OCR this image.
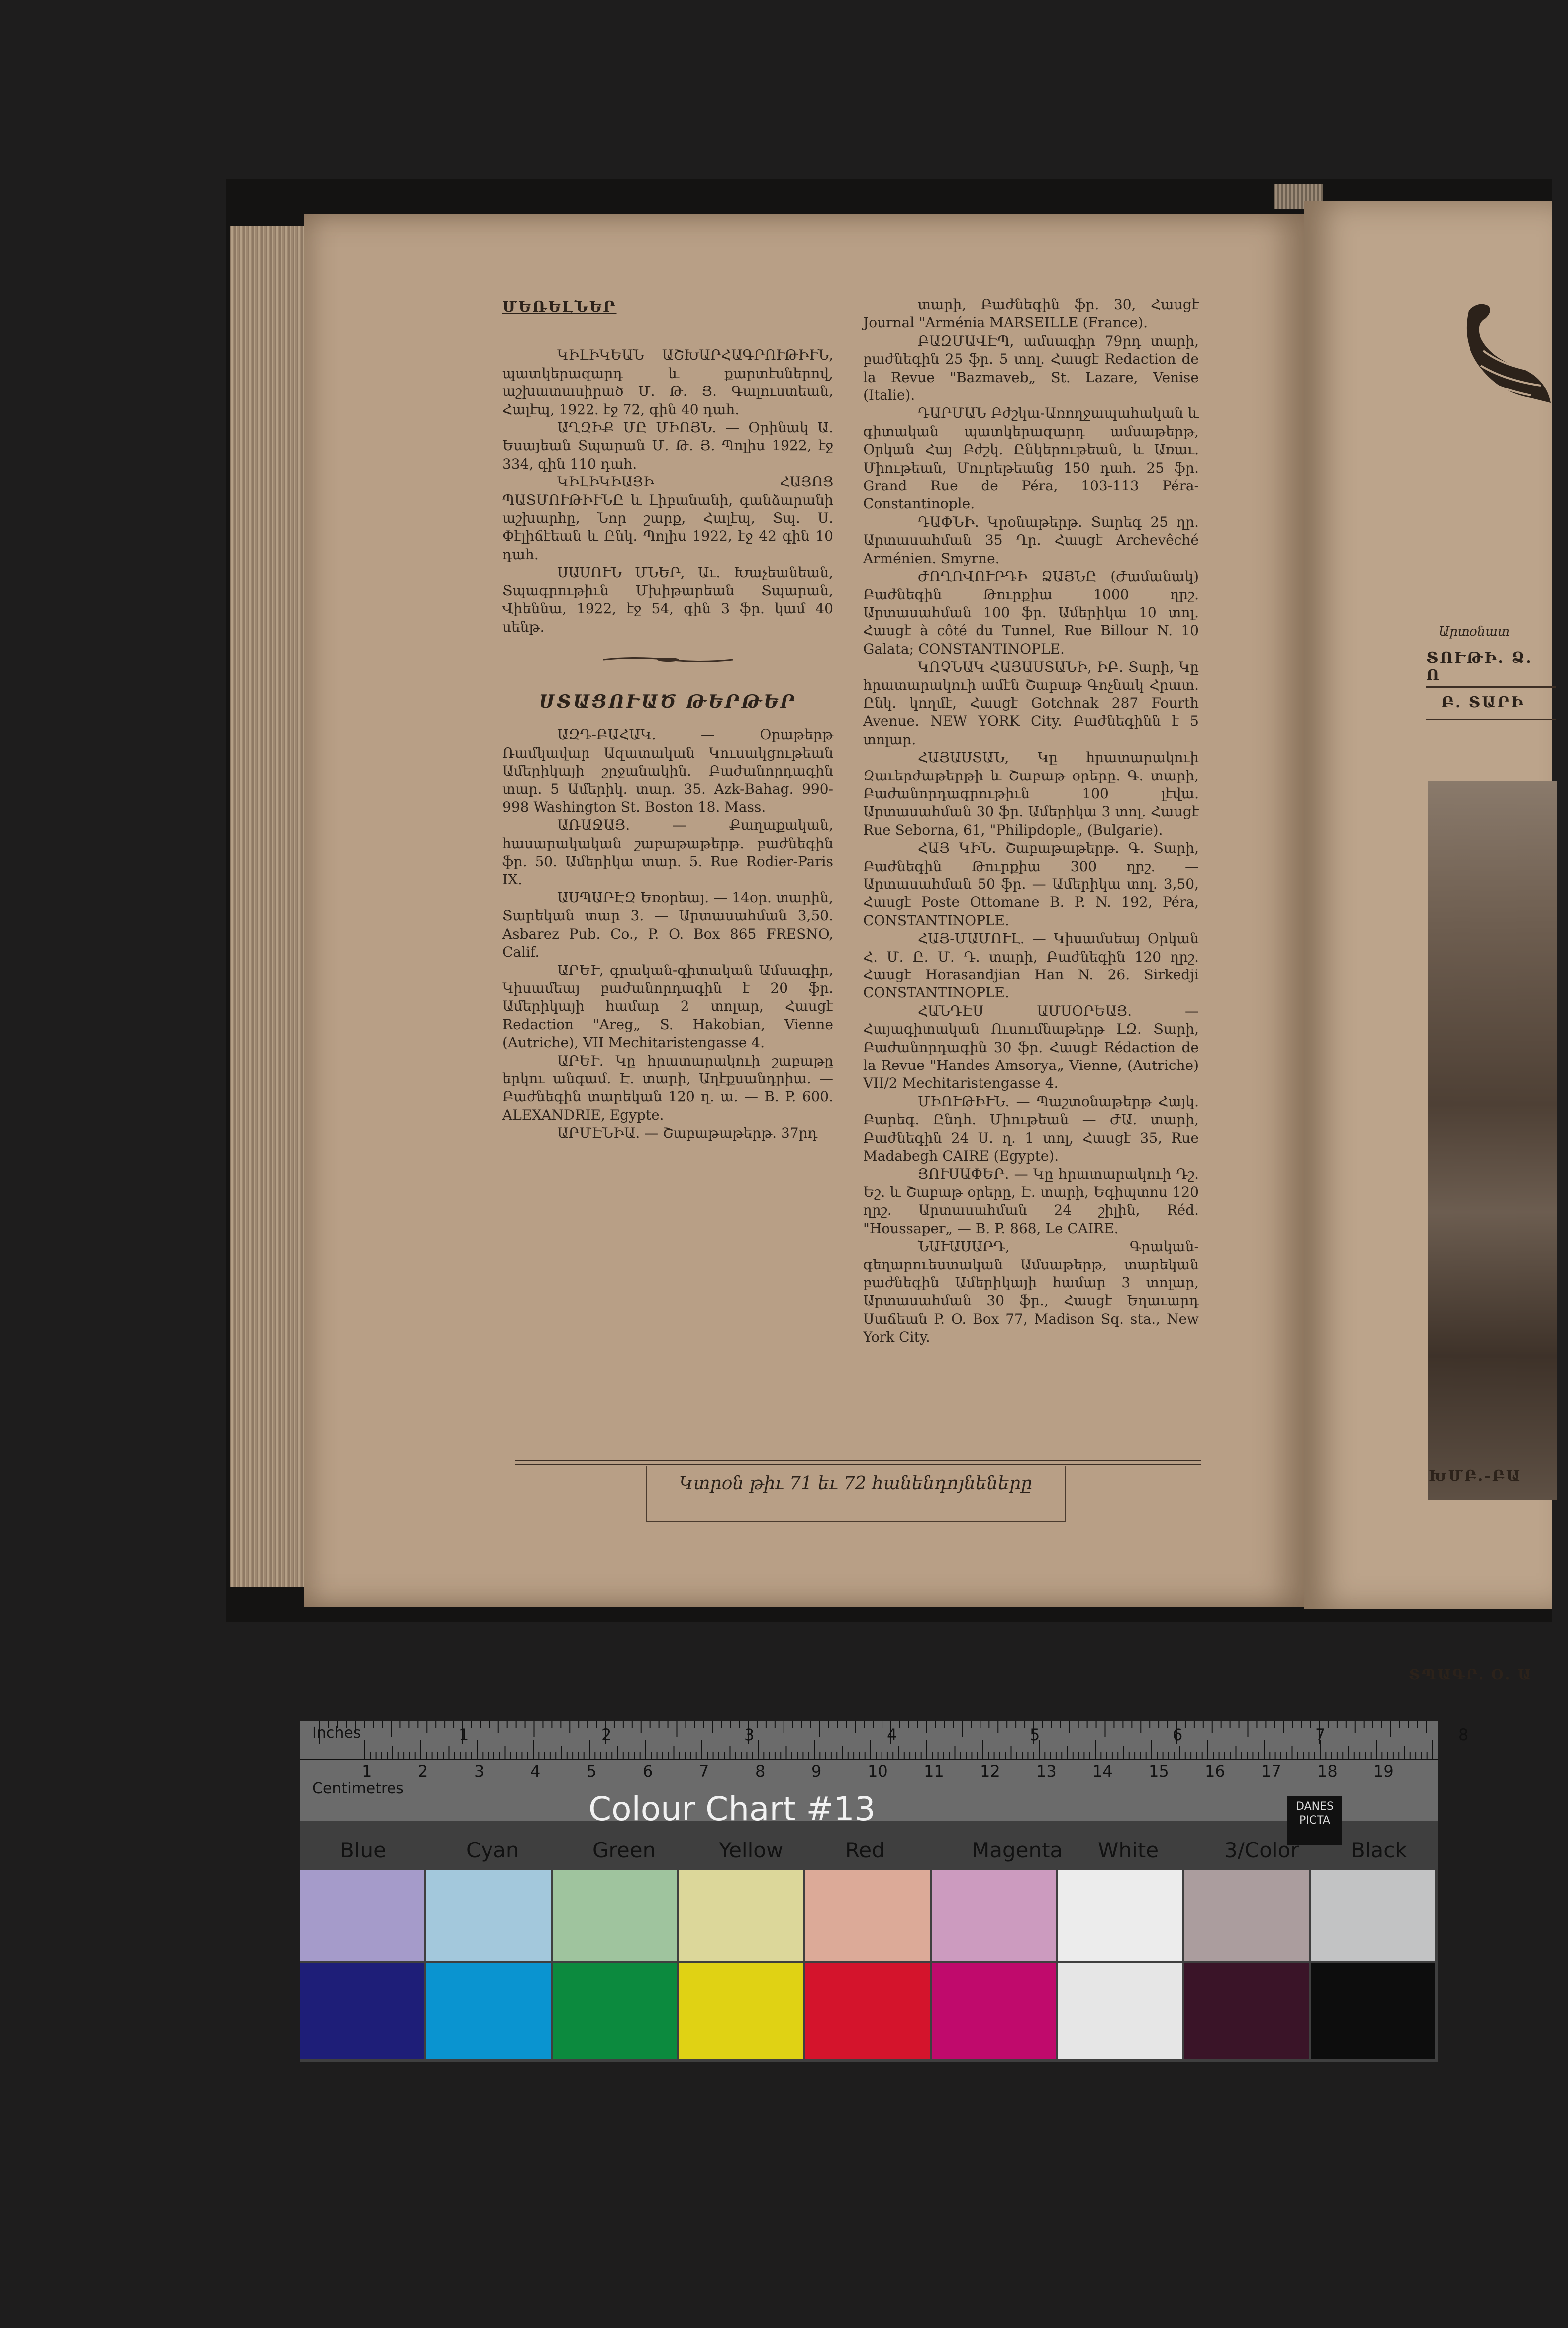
Արտօնատ
ՏՈՒԹԻ. Ձ. Ո
Բ. ՏԱՐԻ
ԽՄԲ.-ԲԱ
ՏՊԱԳՐ. Օ. Ա

ՄԵՌԵԼՆԵՐ

ԿԻԼԻԿԵԱՆ ԱՇԽԱՐՀԱԳՐՈՒԹԻՒՆ, պատկերազարդ և քարտէսներով, աշխատասիրած Մ. Թ. Յ. Գալուստեան, Հալէպ, 1922. էջ 72, գին 40 դահ.

ԱՂԶԻՔ ՄԸ ՄԻՈՅՆ. — Օրինակ Ա. Եսայեան Տպարան Մ. Թ. Յ. Պոլիս 1922, էջ 334, գին 110 դահ.

ԿԻԼԻԿԻԱՅԻ ՀԱՅՈՑ ՊԱՏՄՈՒԹԻՒՆԸ և Լիբանանի, գանձարանի աշխարհը, Նոր շարք, Հալէպ, Տպ. Ս. Փէլիճէեան և Ընկ. Պոլիս 1922, էջ 42 գին 10 դահ.

ՍԱՍՈՒՆ ՄՆԵՐ, Աւ. Խաչեանեան, Տպագրութիւն Մխիթարեան Տպարան, Վիեննա, 1922, էջ 54, գին 3 ֆր. կամ 40 սենթ.

ՍՏԱՑՈՒԱԾ ԹԵՐԹԵՐ

ԱԶԴ-ԲԱՀԱԿ. — Օրաթերթ Ռամկավար Ազատական Կուսակցութեան Ամերիկայի շրջանակին. Բաժանորդագին տար. 5 Ամերիկ. տար. 35. Azk-Bahag. 990-998 Washington St. Boston 18. Mass.

ԱՌԱՋԱՅ. — Քաղաքական, հասարակական շաբաթաթերթ. բաժնեգին ֆր. 50. Ամերիկա տար. 5. Rue Rodier-Paris IX.

ԱՍՊԱՐԷԶ Եռօրեայ. — 14օր. տարին, Տարեկան տար 3. — Արտասահման 3,50. Asbarez Pub. Co., P. O. Box 865 FRESNO, Calif.

ԱՐԵՒ, գրական-գիտական Ամսագիր, Կիսամեայ բաժանորդագին է 20 ֆր. Ամերիկայի համար 2 տոլար, Հասցէ Redaction "Areg„ S. Hakobian, Vienne (Autriche), VII Mechitaristengasse 4.

ԱՐԵՒ. Կը հրատարակուի շաբաթը երկու անգամ. Է. տարի, Աղէքսանդրիա. — Բաժնեգին տարեկան 120 ղ. ա. — B. P. 600. ALEXANDRIE, Egypte.

ԱՐՄԷՆԻԱ. — Շաբաթաթերթ. 37րդ

տարի, Բաժնեգին ֆր. 30, Հասցէ Journal "Arménia MARSEILLE (France).

ԲԱԶՄԱՎԷՊ, ամսագիր 79րդ տարի, բաժնեգին 25 ֆր. 5 տոլ. Հասցէ Redaction de la Revue "Bazmaveb„ St. Lazare, Venise (Italie).

ԴԱՐՄԱՆ Բժշկա-Առողջապահական և գիտական պատկերազարդ ամսաթերթ, Օրկան Հայ Բժշկ. Ընկերութեան, և Առաւ. Միութեան, Մուրեթեանց 150 դահ. 25 ֆր. Grand Rue de Péra, 103-113 Péra-Constantinople.

ԴԱՓՆԻ. Կրօնաթերթ. Տարեգ 25 ղր. Արտասահման 35 Ղր. Հասցէ Archevêché Arménien. Smyrne.

ԺՈՂՈՎՈՒՐԴԻ ՁԱՅՆԸ (Ժամանակ) Բաժնեգին Թուրքիա 1000 ղրշ. Արտասահման 100 ֆր. Ամերիկա 10 տոլ. Հասցէ à côté du Tunnel, Rue Billour N. 10 Galata; CONSTANTINOPLE.

ԿՈՉՆԱԿ ՀԱՅԱՍՏԱՆԻ, ԻԲ. Տարի, Կը հրատարակուի ամէն Շաբաթ Գոչնակ Հրատ. Ընկ. կողմէ, Հասցէ Gotchnak 287 Fourth Avenue. NEW YORK City. Բաժնեգինն է 5 տոլար.

ՀԱՅԱՍՏԱՆ, Կը հրատարակուի Զաւերժաթերթի և Շաբաթ օրերը. Գ. տարի, Բաժանորդագրութիւն 100 լէվա. Արտասահման 30 ֆր. Ամերիկա 3 տոլ. Հասցէ Rue Seborna, 61, "Philipdople„ (Bulgarie).

ՀԱՅ ԿԻՆ. Շաբաթաթերթ. Գ. Տարի, Բաժնեգին Թուրքիա 300 ղրշ. — Արտասահման 50 ֆր. — Ամերիկա տոլ. 3,50, Հասցէ Poste Ottomane B. P. N. 192, Péra, CONSTANTINOPLE.

ՀԱՅ-ՄԱՄՈՒԼ. — Կիսամսեայ Օրկան Հ. Մ. Ը. Մ. Դ. տարի, Բաժնեգին 120 ղրշ. Հասցէ Horasandjian Han N. 26. Sirkedji CONSTANTINOPLE.

ՀԱՆԴԷՍ ԱՄՍՕՐԵԱՅ. — Հայագիտական Ուսումնաթերթ ԼԶ. Տարի, Բաժանորդագին 30 ֆր. Հասցէ Rédaction de la Revue "Handes Amsorya„ Vienne, (Autriche) VII/2 Mechitaristengasse 4.

ՄԻՈՒԹԻՒՆ. — Պաշտօնաթերթ Հայկ. Բարեգ. Ընդհ. Միութեան — ԺԱ. տարի, Բաժնեգին 24 Ս. ղ. 1 տոլ, Հասցէ 35, Rue Madabegh CAIRE (Egypte).

ՅՈՒՍԱՓԵՐ. — Կը հրատարակուի Դշ. Եշ. և Շաբաթ օրերը, Է. տարի, Եգիպտոս 120 ղրշ. Արտասահման 24 շիլին, Réd. "Houssaper„ — B. P. 868, Le CAIRE.

ՆԱՒԱՍԱՐԴ, Գրական-գեղարուեստական Ամսաթերթ, տարեկան բաժնեգին Ամերիկայի համար 3 տոլար, Արտասահման 30 ֆր., Հասցէ Եղաւարդ Սաճեան P. O. Box 77, Madison Sq. sta., New York City.

Կտրօն թիւ 71 եւ 72 հանենդոյնեները
Inches
Centimetres
1	2	3	4	5	6	7	8
1	2	3	4	5	6	7	8	9	10 11 12 13 14 15 16 17 18 19
Colour Chart #13	DANES PICTA
Blue	Cyan	Green	Yellow	Red	Magenta White	3/Color Black
